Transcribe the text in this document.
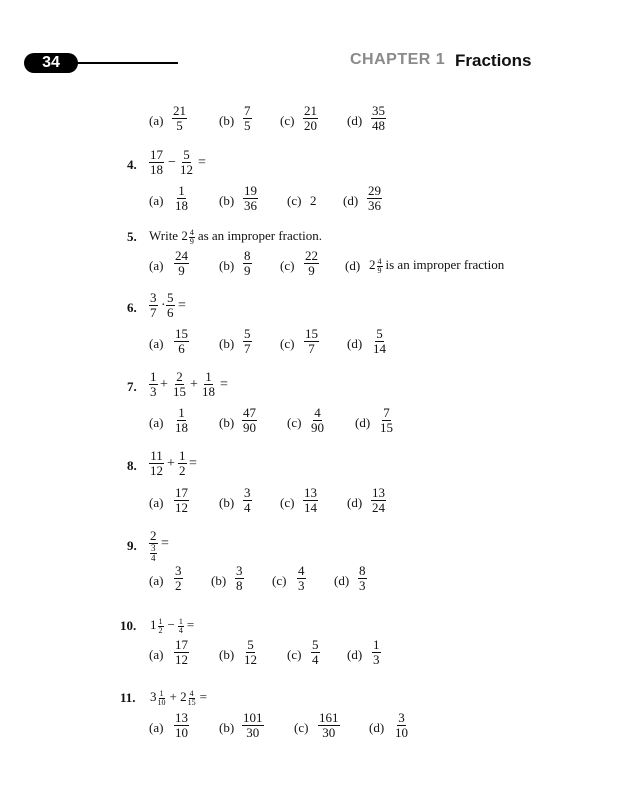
34	CHAPTER 1 Fractions
$(a) \frac{21}{5} (b) \frac{7}{5} (c) \frac{21}{20} (d) \frac{35}{48}$
4. $\frac{17}{18} - \frac{5}{12}$ =
$(a) \frac{1}{18} (b) \frac{19}{36} (c)$ 2 $(d) \frac{29}{36}$
5. Write $2 \frac{4}{9}$ as an improper fraction.
$(a) \frac{24}{9} (b) \frac{8}{9} (c) \frac{22}{9} (d)$ $2 \frac{4}{9}$ is an improper fraction
6. $\frac{3}{7} \cdot \frac{5}{6}$ =
$(a) \frac{15}{6} (b) \frac{5}{7} (c) \frac{15}{7} (d) \frac{5}{14}$
7. $\frac{1}{3} + \frac{2}{15} + \frac{1}{18}$ =
$(a) \frac{1}{18} (b) \frac{47}{90} (c) \frac{4}{90} (d) \frac{7}{15}$
8. $\frac{11}{12} + \frac{1}{2}$ =
$(a) \frac{17}{12} (b) \frac{3}{4} (c) \frac{13}{14} (d) \frac{13}{24}$
9.
2
3
4
=
$(a) \frac{3}{2} (b) \frac{3}{8} (c) \frac{4}{3} (d) \frac{8}{3}$
10. $1 \frac{1}{2} - \frac{1}{4}$ =
$(a) \frac{17}{12} (b) \frac{5}{12} (c) \frac{5}{4} (d) \frac{1}{3}$
11. $3 \frac{1}{10} + 2 \frac{4}{15}$ =
$(a) \frac{13}{10} (b) \frac{101}{30} (c) \frac{161}{30} (d) \frac{3}{10}$
